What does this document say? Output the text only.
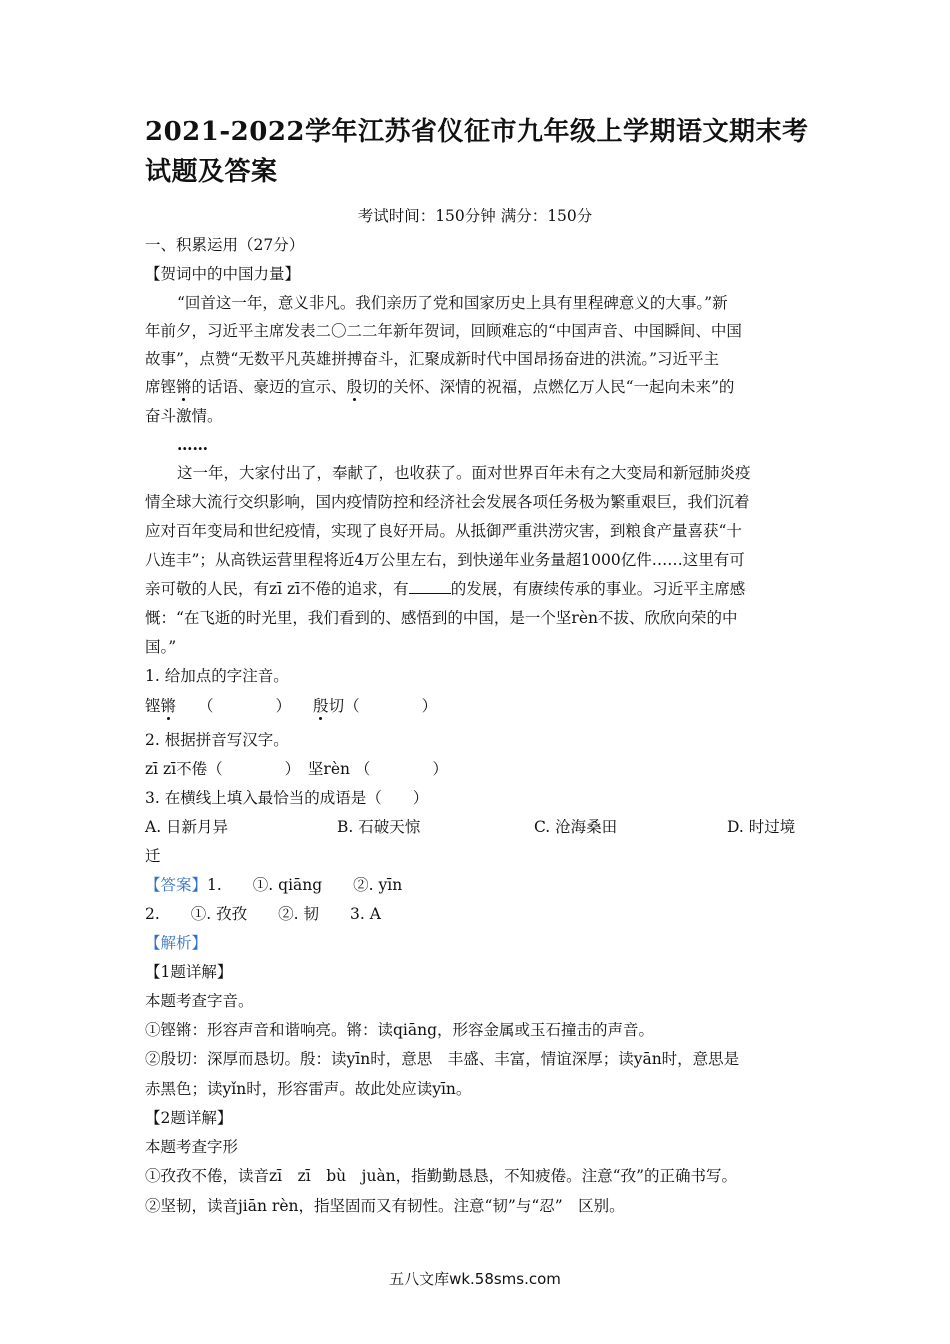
2021-2022学年江苏省仪征市九年级上学期语文期末考试题及答案
考试时间：150分钟 满分：150分
一、积累运用（27分）
【贺词中的中国力量】
“回首这一年，意义非凡。我们亲历了党和国家历史上具有里程碑意义的大事。”新
年前夕，习近平主席发表二〇二二年新年贺词，回顾难忘的“中国声音、中国瞬间、中国
故事”，点赞“无数平凡英雄拼搏奋斗，汇聚成新时代中国昂扬奋进的洪流。”习近平主
席铿锵的话语、豪迈的宣示、殷切的关怀、深情的祝福，点燃亿万人民“一起向未来”的
奋斗激情。
……
这一年，大家付出了，奉献了，也收获了。面对世界百年未有之大变局和新冠肺炎疫
情全球大流行交织影响，国内疫情防控和经济社会发展各项任务极为繁重艰巨，我们沉着
应对百年变局和世纪疫情，实现了良好开局。从抵御严重洪涝灾害，到粮食产量喜获“十
八连丰”；从高铁运营里程将近4万公里左右，到快递年业务量超1000亿件……这里有可
亲可敬的人民，有zī zī不倦的追求，有	的发展，有赓续传承的事业。习近平主席感
慨：“在飞逝的时光里，我们看到的、感悟到的中国，是一个坚rèn不拔、欣欣向荣的中
国。”
1. 给加点的字注音。
铿锵 （　　　　） 殷切（　　　　）
2. 根据拼音写汉字。
zī zī不倦（　　　　）　坚rèn （　　　　）
3. 在横线上填入最恰当的成语是（　　）
A. 日新月异	B. 石破天惊	C. 沧海桑田	D. 时过境
迁
【答案】1.　　①. qiāng　　②. yīn
2.　　①. 孜孜　　②. 韧　　3. A
【解析】
【1题详解】
本题考查字音。
①铿锵：形容声音和谐响亮。锵：读qiāng，形容金属或玉石撞击的声音。
②殷切：深厚而恳切。殷：读yīn时，意思　丰盛、丰富，情谊深厚；读yān时，意思是
赤黑色；读yǐn时，形容雷声。故此处应读yīn。
【2题详解】
本题考查字形
①孜孜不倦，读音zī　zī　bù　juàn，指勤勤恳恳，不知疲倦。注意“孜”的正确书写。
②坚韧，读音jiān rèn，指坚固而又有韧性。注意“韧”与“忍”　区别。
五八文库wk.58sms.com
